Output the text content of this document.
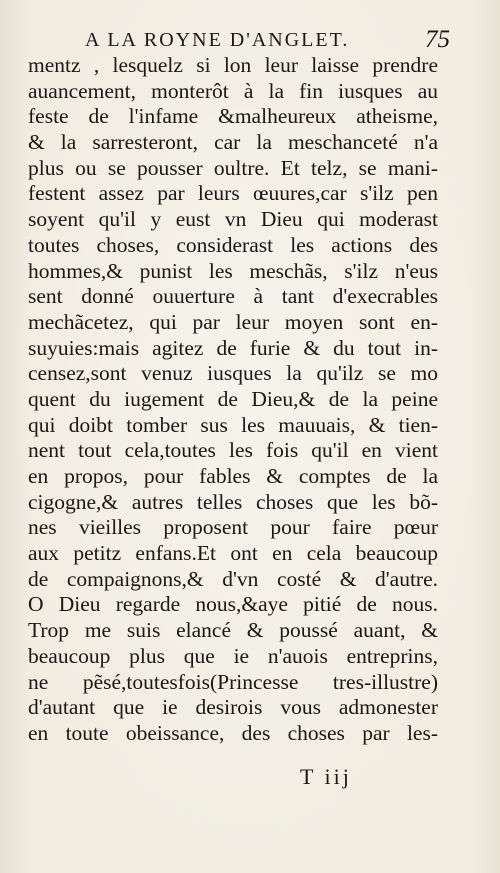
A LA ROYNE D'ANGLET.	75
mentz , lesquelz si lon leur laisse prendre
auancement, monterôt à la fin iusques au
feste de l'infame &malheureux atheisme,
& la sarresteront, car la meschanceté n'a
plus ou se pousser oultre. Et telz, se mani-
festent assez par leurs œuures,car s'ilz pen
soyent qu'il y eust vn Dieu qui moderast
toutes choses, considerast les actions des
hommes,& punist les meschãs, s'ilz n'eus
sent donné ouuerture à tant d'execrables
mechãcetez, qui par leur moyen sont en-
suyuies:mais agitez de furie & du tout in-
censez,sont venuz iusques la qu'ilz se mo
quent du iugement de Dieu,& de la peine
qui doibt tomber sus les mauuais, & tien-
nent tout cela,toutes les fois qu'il en vient
en propos, pour fables & comptes de la
cigogne,& autres telles choses que les bõ-
nes vieilles proposent pour faire pœur
aux petitz enfans.Et ont en cela beaucoup
de compaignons,& d'vn costé & d'autre.
O Dieu regarde nous,&aye pitié de nous.
Trop me suis elancé & poussé auant, &
beaucoup plus que ie n'auois entreprins,
ne pẽsé,toutesfois(Princesse tres-illustre)
d'autant que ie desirois vous admonester
en toute obeissance, des choses par les-
T iij
